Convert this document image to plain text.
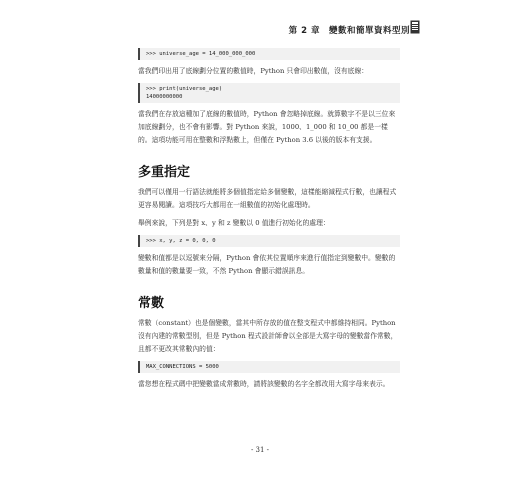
第 2 章　變數和簡單資料型別
>>> universe_age = 14_000_000_000

當我們印出用了底線劃分位置的數值時，Python 只會印出數值，沒有底線：

>>> print(universe_age)
14000000000

當我們在存放這種加了底線的數值時，Python 會忽略掉底線。就算數字不是以三位來加底線劃分，也不會有影響。對 Python 來說，1000、1_000 和 10_00 都是一樣的。這項功能可用在整數和浮點數上，但僅在 Python 3.6 以後的版本有支援。

多重指定

我們可以僅用一行語法就能將多個值指定給多個變數，這樣能縮減程式行數，也讓程式更容易閱讀。這項技巧大都用在一組數值的初始化處理時。

舉例來說，下列是對 x、y 和 z 變數以 0 值進行初始化的處理：

>>> x, y, z = 0, 0, 0

變數和值都是以逗號來分隔，Python 會依其位置順序來進行值指定到變數中。變數的數量和值的數量要一致，不然 Python 會顯示錯誤訊息。

常數

常數（constant）也是個變數，當其中所存放的值在整支程式中都維持相同。Python 沒有內建的常數型別，但是 Python 程式設計師會以全部是大寫字母的變數當作常數，且都不更改其常數內的值：

MAX_CONNECTIONS = 5000

當您想在程式碼中把變數當成常數時，請將該變數的名字全都改用大寫字母來表示。

- 31 -
